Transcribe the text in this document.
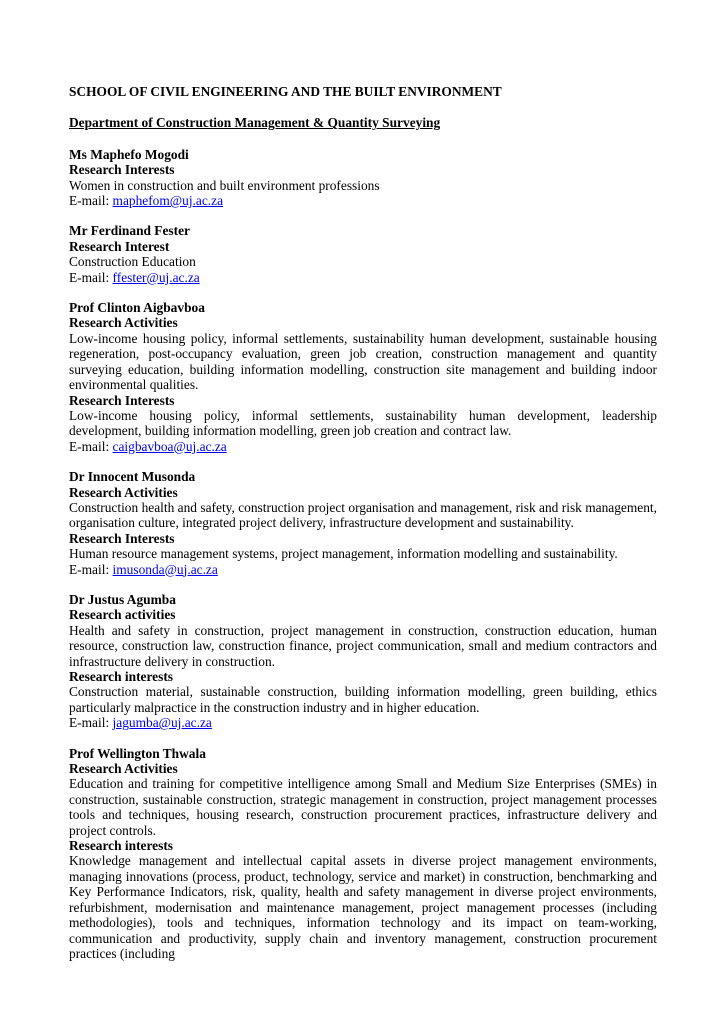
SCHOOL OF CIVIL ENGINEERING AND THE BUILT ENVIRONMENT
Department of Construction Management & Quantity Surveying
Ms Maphefo Mogodi
Research Interests
Women in construction and built environment professions
E-mail: maphefom@uj.ac.za
Mr Ferdinand Fester
Research Interest
Construction Education
E-mail: ffester@uj.ac.za
Prof Clinton Aigbavboa
Research Activities
Low-income housing policy, informal settlements, sustainability human development, sustainable housing regeneration, post-occupancy evaluation, green job creation, construction management and quantity surveying education, building information modelling, construction site management and building indoor environmental qualities.
Research Interests
Low-income housing policy, informal settlements, sustainability human development, leadership development, building information modelling, green job creation and contract law.
E-mail: caigbavboa@uj.ac.za
Dr Innocent Musonda
Research Activities
Construction health and safety, construction project organisation and management, risk and risk management, organisation culture, integrated project delivery, infrastructure development and sustainability.
Research Interests
Human resource management systems, project management, information modelling and sustainability.
E-mail: imusonda@uj.ac.za
Dr Justus Agumba
Research activities
Health and safety in construction, project management in construction, construction education, human resource, construction law, construction finance, project communication, small and medium contractors and infrastructure delivery in construction.
Research interests
Construction material, sustainable construction, building information modelling, green building, ethics particularly malpractice in the construction industry and in higher education.
E-mail: jagumba@uj.ac.za
Prof Wellington Thwala
Research Activities
Education and training for competitive intelligence among Small and Medium Size Enterprises (SMEs) in construction, sustainable construction, strategic management in construction, project management processes tools and techniques, housing research, construction procurement practices, infrastructure delivery and project controls.
Research interests
Knowledge management and intellectual capital assets in diverse project management environments, managing innovations (process, product, technology, service and market) in construction, benchmarking and Key Performance Indicators, risk, quality, health and safety management in diverse project environments, refurbishment, modernisation and maintenance management, project management processes (including methodologies), tools and techniques, information technology and its impact on team-working, communication and productivity, supply chain and inventory management, construction procurement practices (including
